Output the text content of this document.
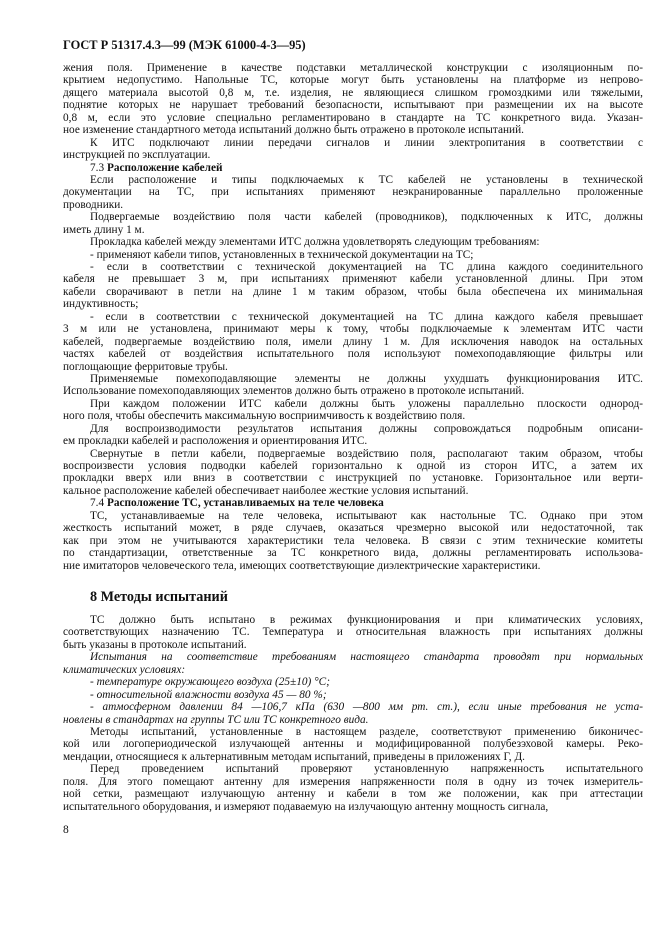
ГОСТ Р 51317.4.3—99 (МЭК 61000-4-3—95)
жения поля. Применение в качестве подставки металлической конструкции с изоляционным по-
крытием недопустимо. Напольные ТС, которые могут быть установлены на платформе из непрово-
дящего материала высотой 0,8 м, т.е. изделия, не являющиеся слишком громоздкими или тяжелыми,
поднятие которых не нарушает требований безопасности, испытывают при размещении их на высоте
0,8 м, если это условие специально регламентировано в стандарте на ТС конкретного вида. Указан-
ное изменение стандартного метода испытаний должно быть отражено в протоколе испытаний.
К ИТС подключают линии передачи сигналов и линии электропитания в соответствии с
инструкцией по эксплуатации.
7.3 Расположение кабелей
Если расположение и типы подключаемых к ТС кабелей не установлены в технической
документации на ТС, при испытаниях применяют неэкранированные параллельно проложенные
проводники.
Подвергаемые воздействию поля части кабелей (проводников), подключенных к ИТС, должны
иметь длину 1 м.
Прокладка кабелей между элементами ИТС должна удовлетворять следующим требованиям:
- применяют кабели типов, установленных в технической документации на ТС;
- если в соответствии с технической документацией на ТС длина каждого соединительного
кабеля не превышает 3 м, при испытаниях применяют кабели установленной длины. При этом
кабели сворачивают в петли на длине 1 м таким образом, чтобы была обеспечена их минимальная
индуктивность;
- если в соответствии с технической документацией на ТС длина каждого кабеля превышает
3 м или не установлена, принимают меры к тому, чтобы подключаемые к элементам ИТС части
кабелей, подвергаемые воздействию поля, имели длину 1 м. Для исключения наводок на остальных
частях кабелей от воздействия испытательного поля используют помехоподавляющие фильтры или
поглощающие ферритовые трубы.
Применяемые помехоподавляющие элементы не должны ухудшать функционирования ИТС.
Использование помехоподавляющих элементов должно быть отражено в протоколе испытаний.
При каждом положении ИТС кабели должны быть уложены параллельно плоскости однород-
ного поля, чтобы обеспечить максимальную восприимчивость к воздействию поля.
Для воспроизводимости результатов испытания должны сопровождаться подробным описани-
ем прокладки кабелей и расположения и ориентирования ИТС.
Свернутые в петли кабели, подвергаемые воздействию поля, располагают таким образом, чтобы
воспроизвести условия подводки кабелей горизонтально к одной из сторон ИТС, а затем их
прокладки вверх или вниз в соответствии с инструкцией по установке. Горизонтальное или верти-
кальное расположение кабелей обеспечивает наиболее жесткие условия испытаний.
7.4 Расположение ТС, устанавливаемых на теле человека
ТС, устанавливаемые на теле человека, испытывают как настольные ТС. Однако при этом
жесткость испытаний может, в ряде случаев, оказаться чрезмерно высокой или недостаточной, так
как при этом не учитываются характеристики тела человека. В связи с этим технические комитеты
по стандартизации, ответственные за ТС конкретного вида, должны регламентировать использова-
ние имитаторов человеческого тела, имеющих соответствующие диэлектрические характеристики.
8 Методы испытаний
ТС должно быть испытано в режимах функционирования и при климатических условиях,
соответствующих назначению ТС. Температура и относительная влажность при испытаниях должны
быть указаны в протоколе испытаний.
Испытания на соответствие требованиям настоящего стандарта проводят при нормальных
климатических условиях:
- температуре окружающего воздуха (25±10) °С;
- относительной влажности воздуха 45 — 80 %;
- атмосферном давлении 84 —106,7 кПа (630 —800 мм рт. ст.), если иные требования не уста-
новлены в стандартах на группы ТС или ТС конкретного вида.
Методы испытаний, установленные в настоящем разделе, соответствуют применению биконичес-
кой или логопериодической излучающей антенны и модифицированной полубезэховой камеры. Реко-
мендации, относящиеся к альтернативным методам испытаний, приведены в приложениях Г, Д.
Перед проведением испытаний проверяют установленную напряженность испытательного
поля. Для этого помещают антенну для измерения напряженности поля в одну из точек измеритель-
ной сетки, размещают излучающую антенну и кабели в том же положении, как при аттестации
испытательного оборудования, и измеряют подаваемую на излучающую антенну мощность сигнала,
8
